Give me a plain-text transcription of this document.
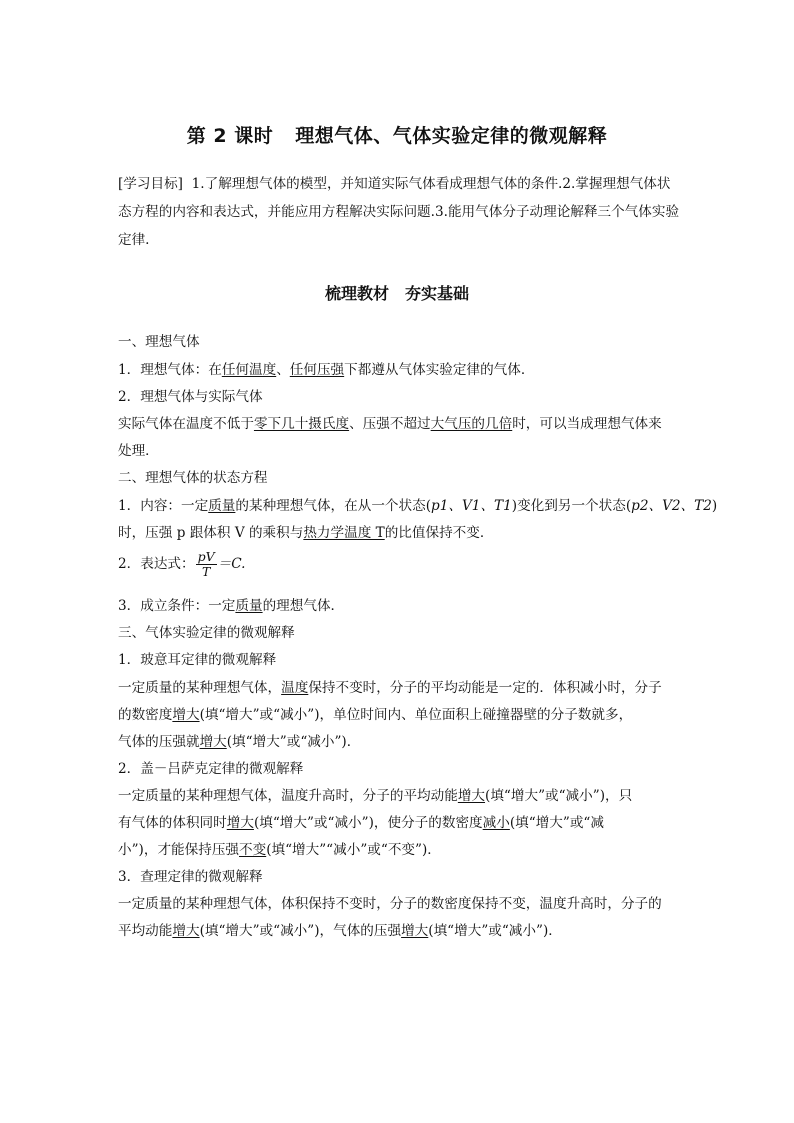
第 2 课时 理想气体、气体实验定律的微观解释
[学习目标] 1.了解理想气体的模型，并知道实际气体看成理想气体的条件.2.掌握理想气体状态方程的内容和表达式，并能应用方程解决实际问题.3.能用气体分子动理论解释三个气体实验定律.
梳理教材 夯实基础
一、理想气体
1．理想气体：在任何温度、任何压强下都遵从气体实验定律的气体．
2．理想气体与实际气体
实际气体在温度不低于零下几十摄氏度、压强不超过大气压的几倍时，可以当成理想气体来
处理．
二、理想气体的状态方程
1．内容：一定质量的某种理想气体，在从一个状态(p1、V1、T1)变化到另一个状态(p2、V2、T2)
时，压强 p 跟体积 V 的乘积与热力学温度 T的比值保持不变．
2．表达式： $\frac{pV}{T} =C$.
3．成立条件：一定质量的理想气体．
三、气体实验定律的微观解释
1．玻意耳定律的微观解释
一定质量的某种理想气体，温度保持不变时，分子的平均动能是一定的．体积减小时，分子
的数密度增大(填“增大”或“减小”)，单位时间内、单位面积上碰撞器壁的分子数就多，
气体的压强就增大(填“增大”或“减小”)．
2．盖－吕萨克定律的微观解释
一定质量的某种理想气体，温度升高时，分子的平均动能增大(填“增大”或“减小”)，只
有气体的体积同时增大(填“增大”或“减小”)，使分子的数密度减小(填“增大”或“减
小”)，才能保持压强不变(填“增大”“减小”或“不变”)．
3．查理定律的微观解释
一定质量的某种理想气体，体积保持不变时，分子的数密度保持不变，温度升高时，分子的
平均动能增大(填“增大”或“减小”)，气体的压强增大(填“增大”或“减小”)．
